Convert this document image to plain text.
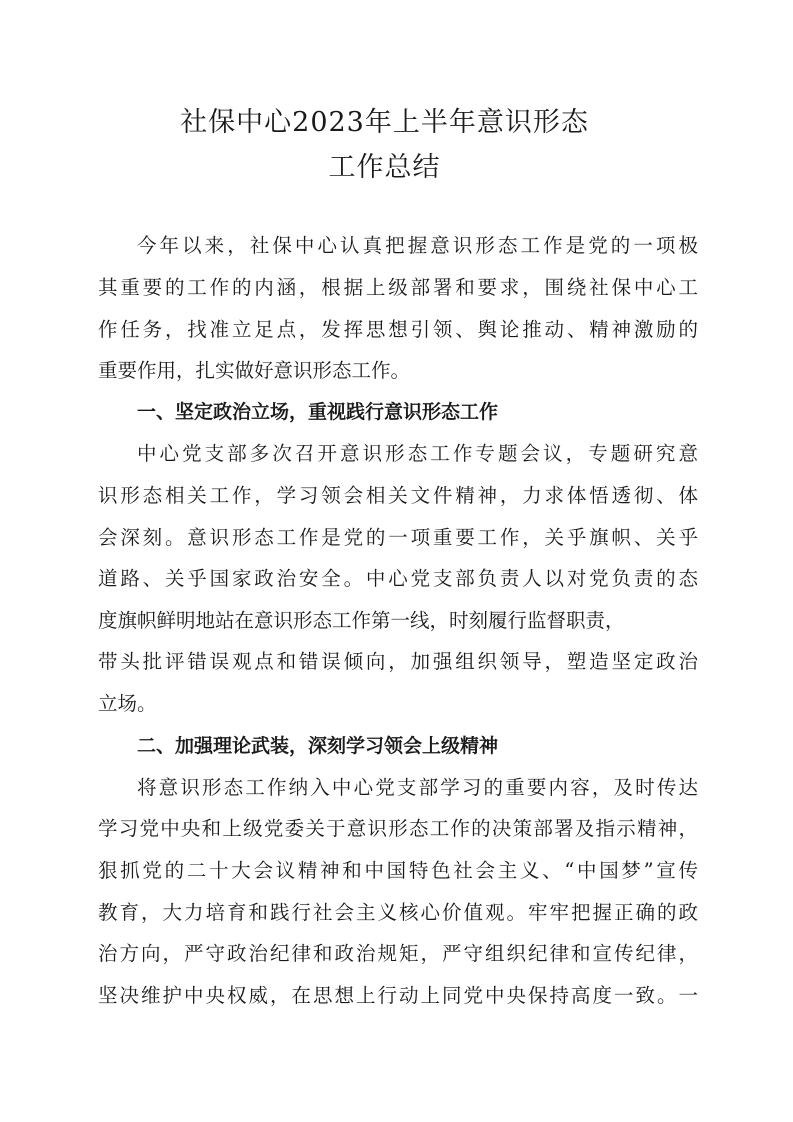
社保中心2023年上半年意识形态
工作总结
今年以来，社保中心认真把握意识形态工作是党的一项极
其重要的工作的内涵，根据上级部署和要求，围绕社保中心工
作任务，找准立足点，发挥思想引领、舆论推动、精神激励的
重要作用，扎实做好意识形态工作。
一、坚定政治立场，重视践行意识形态工作
中心党支部多次召开意识形态工作专题会议，专题研究意
识形态相关工作，学习领会相关文件精神，力求体悟透彻、体
会深刻。意识形态工作是党的一项重要工作，关乎旗帜、关乎
道路、关乎国家政治安全。中心党支部负责人以对党负责的态
度旗帜鲜明地站在意识形态工作第一线，时刻履行监督职责，
带头批评错误观点和错误倾向，加强组织领导，塑造坚定政治
立场。
二、加强理论武装，深刻学习领会上级精神
将意识形态工作纳入中心党支部学习的重要内容，及时传达
学习党中央和上级党委关于意识形态工作的决策部署及指示精神，
狠抓党的二十大会议精神和中国特色社会主义、“中国梦”宣传
教育，大力培育和践行社会主义核心价值观。牢牢把握正确的政
治方向，严守政治纪律和政治规矩，严守组织纪律和宣传纪律，
坚决维护中央权威，在思想上行动上同党中央保持高度一致。一
